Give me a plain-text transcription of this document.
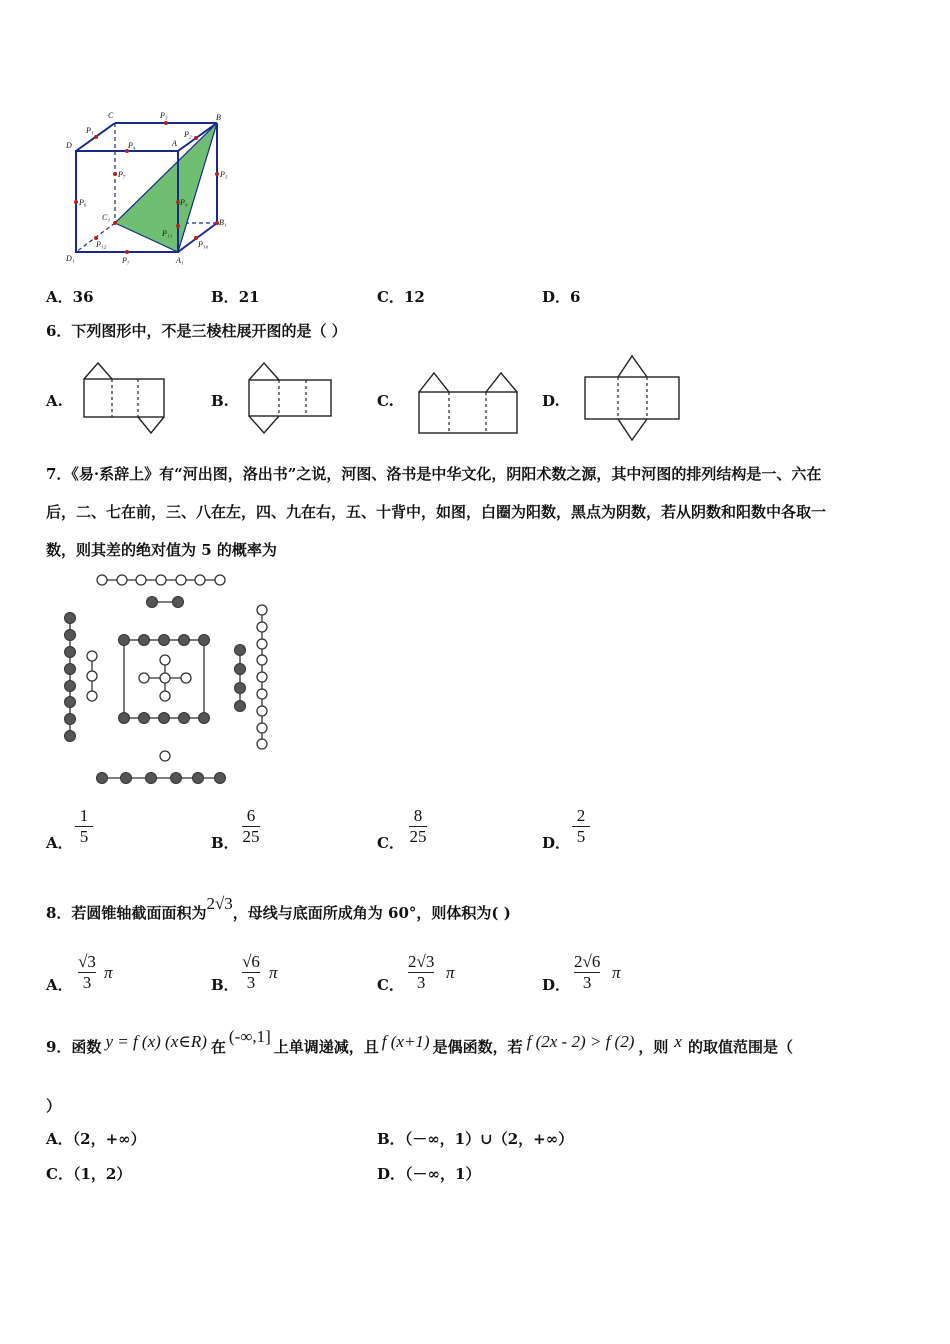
C	P₃	B
P₂
P₁
D	A
P₄
P₇	P₅
P₆	P₉
C₁
B₁
P₁₂
P₁₁
D₁
P₁₀
A₁
P₇
A．36	B．21	C．12	D．6
6．下列图形中，不是三棱柱展开图的是（ ）
A.	B.	C.	D.
7．《易·系辞上》有“河出图，洛出书”之说，河图、洛书是中华文化，阴阳术数之源，其中河图的排列结构是一、六在
后，二、七在前，三、八在左，四、九在右，五、十背中，如图，白圈为阳数，黑点为阴数，若从阴数和阳数中各取一
数，则其差的绝对值为 5 的概率为
A．
1
5	B．
6
25	C．
8
25	D．
2
5
8．若圆锥轴截面面积为2√3，母线与底面所成角为 60°，则体积为( )
A．
√3
3
π
B．
√6
3
π
C．
2√3
3
π
D．
2√6
3
π
9．函数 y = f (x) (x∈R) 在(-∞,1]上单调递减，且 f (x+1) 是偶函数，若 f (2x - 2) > f (2) ，则 x 的取值范围是（
）
A．（2，+∞）	B．（－∞，1）∪（2，+∞）
C．（1，2）	D．（－∞，1）
